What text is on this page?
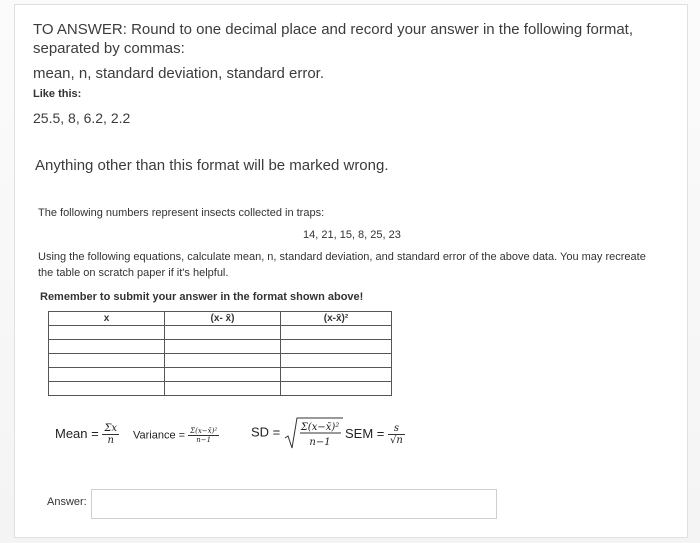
TO ANSWER: Round to one decimal place and record your answer in the following format,
separated by commas:
mean, n, standard deviation, standard error.
Like this:
25.5, 8, 6.2, 2.2
Anything other than this format will be marked wrong.
The following numbers represent insects collected in traps:
14, 21, 15, 8, 25, 23
Using the following equations, calculate mean, n, standard deviation, and standard error of the above data. You may recreate
the table on scratch paper if it's helpful.
Remember to submit your answer in the format shown above!
x	(x- x̄)	(x-x̄)²

Mean = $\frac{\Sigma x}{n}$ Variance = $\frac{\text{Σ(x−x̄)²}}{n-1}$ SD = Σ(x−x̄)²
n−1
SEM = $\frac{s}{√n}$
Answer:
